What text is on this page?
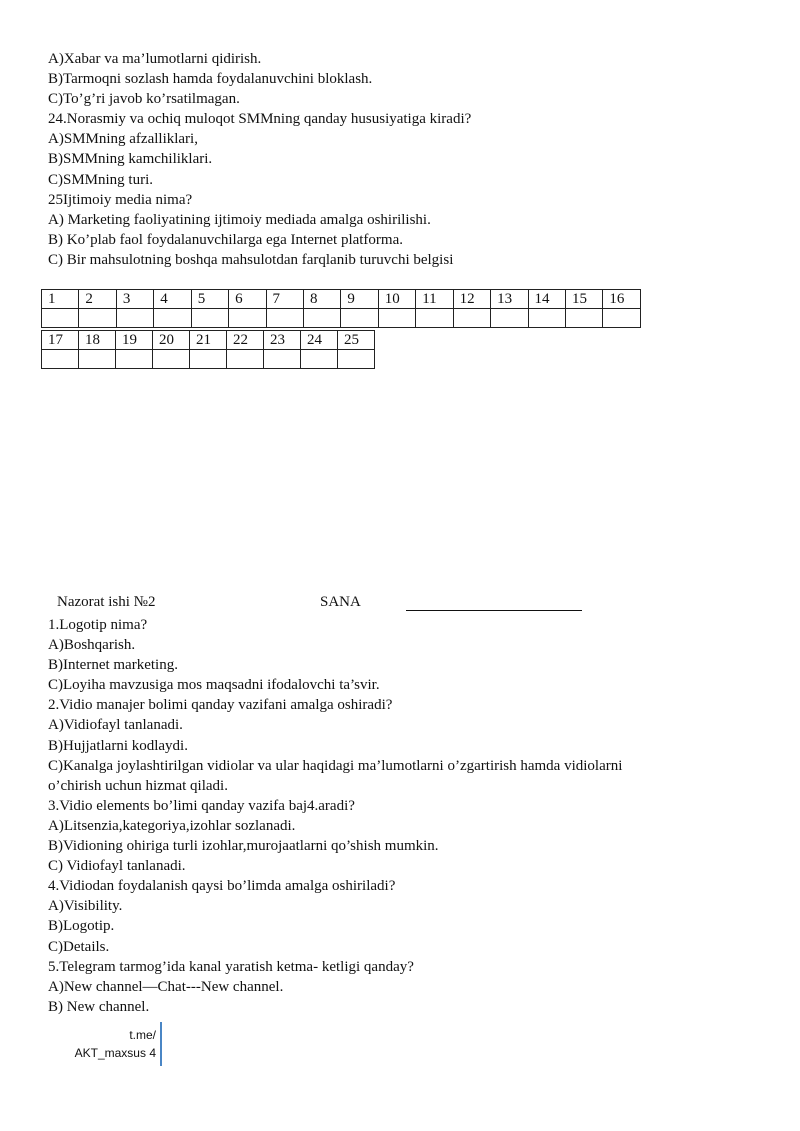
A)Xabar va ma’lumotlarni qidirish.
B)Tarmoqni sozlash hamda foydalanuvchini bloklash.
C)To’g’ri javob ko’rsatilmagan.
24.Norasmiy va ochiq muloqot SMMning qanday hususiyatiga kiradi?
A)SMMning afzalliklari,
B)SMMning kamchiliklari.
C)SMMning turi.
25Ijtimoiy media nima?
A) Marketing faoliyatining ijtimoiy mediada amalga oshirilishi.
B) Ko’plab faol foydalanuvchilarga ega Internet platforma.
C) Bir mahsulotning boshqa mahsulotdan farqlanib turuvchi belgisi
1	2	3	4	5	6	7	8	9	10	11	12	13	14	15	16

17	18	19	20	21	22	23	24	25

Nazorat ishi №2	SANA
1.Logotip nima?
A)Boshqarish.
B)Internet marketing.
C)Loyiha mavzusiga mos maqsadni ifodalovchi ta’svir.
2.Vidio manajer bolimi qanday vazifani amalga oshiradi?
A)Vidiofayl tanlanadi.
B)Hujjatlarni kodlaydi.
C)Kanalga joylashtirilgan vidiolar va ular haqidagi ma’lumotlarni o’zgartirish hamda vidiolarni
o’chirish uchun hizmat qiladi.
3.Vidio elements bo’limi qanday vazifa baj4.aradi?
A)Litsenzia,kategoriya,izohlar sozlanadi.
B)Vidioning ohiriga turli izohlar,murojaatlarni qo’shish mumkin.
C) Vidiofayl tanlanadi.
4.Vidiodan foydalanish qaysi bo’limda amalga oshiriladi?
A)Visibility.
B)Logotip.
C)Details.
5.Telegram tarmog’ida kanal yaratish ketma- ketligi qanday?
A)New channel—Chat---New channel.
B) New channel.
t.me/
AKT_maxsus 4
